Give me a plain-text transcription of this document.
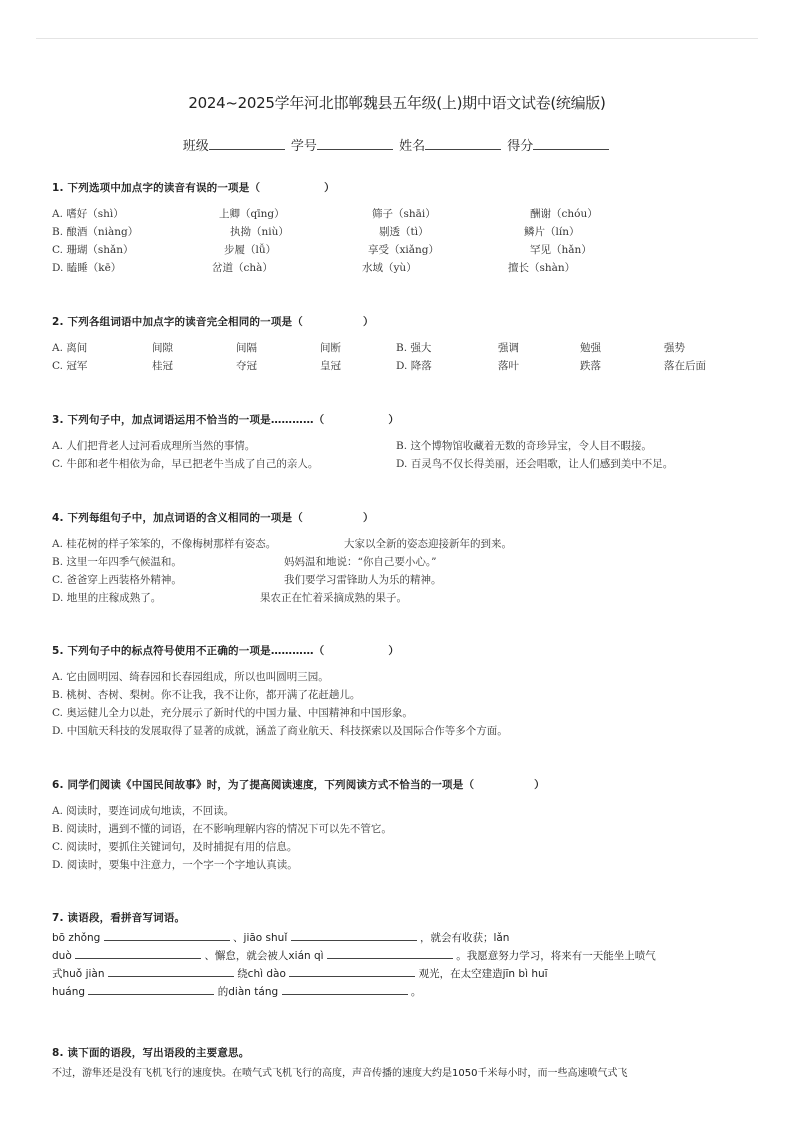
2024~2025学年河北邯郸魏县五年级(上)期中语文试卷(统编版)
班级	学号	姓名	得分
1. 下列选项中加点字的读音有误的一项是（	）
A. 嗜好（shì）	上卿（qīng）	筛子（shāi）	酬谢（chóu）
B. 酿酒（niàng）	执拗（niù）	剔透（tì）	鳞片（lín）
C. 珊瑚（shǎn）	步履（lǚ）	享受（xiǎng）	罕见（hǎn）
D. 瞌睡（kē）	岔道（chà）	水域（yù）	擅长（shàn）
2. 下列各组词语中加点字的读音完全相同的一项是（	）
A. 离间	间隙	间隔	间断	B. 强大	强调	勉强	强势
C. 冠军	桂冠	夺冠	皇冠	D. 降落	落叶	跌落	落在后面
3. 下列句子中，加点词语运用不恰当的一项是…………（	）
A. 人们把背老人过河看成理所当然的事情。	B. 这个博物馆收藏着无数的奇珍异宝，令人目不暇接。
C. 牛郎和老牛相依为命，早已把老牛当成了自己的亲人。	D. 百灵鸟不仅长得美丽，还会唱歌，让人们感到美中不足。
4. 下列每组句子中，加点词语的含义相同的一项是（	）
A. 桂花树的样子笨笨的，不像梅树那样有姿态。	大家以全新的姿态迎接新年的到来。
B. 这里一年四季气候温和。	妈妈温和地说：“你自己要小心。”
C. 爸爸穿上西装格外精神。	我们要学习雷锋助人为乐的精神。
D. 地里的庄稼成熟了。	果农正在忙着采摘成熟的果子。
5. 下列句子中的标点符号使用不正确的一项是…………（	）
A. 它由圆明园、绮春园和长春园组成，所以也叫圆明三园。
B. 桃树、杏树、梨树。你不让我，我不让你，都开满了花赶趟儿。
C. 奥运健儿全力以赴，充分展示了新时代的中国力量、中国精神和中国形象。
D. 中国航天科技的发展取得了显著的成就，涵盖了商业航天、科技探索以及国际合作等多个方面。
6. 同学们阅读《中国民间故事》时，为了提高阅读速度，下列阅读方式不恰当的一项是（	）
A. 阅读时，要连词成句地读，不回读。
B. 阅读时，遇到不懂的词语，在不影响理解内容的情况下可以先不管它。
C. 阅读时，要抓住关键词句，及时捕捉有用的信息。
D. 阅读时，要集中注意力，一个字一个字地认真读。
7. 读语段，看拼音写词语。
bō zhǒng	、jiāo shuǐ	，就会有收获；lǎn
duò	、懈怠，就会被人xián qì	。我愿意努力学习，将来有一天能坐上喷气
式huǒ jiàn	绕chì dào	观光，在太空建造jīn bì huī
huáng	的diàn táng	。
8. 读下面的语段，写出语段的主要意思。
不过，游隼还是没有飞机飞行的速度快。在喷气式飞机飞行的高度，声音传播的速度大约是1050千米每小时，而一些高速喷气式飞
